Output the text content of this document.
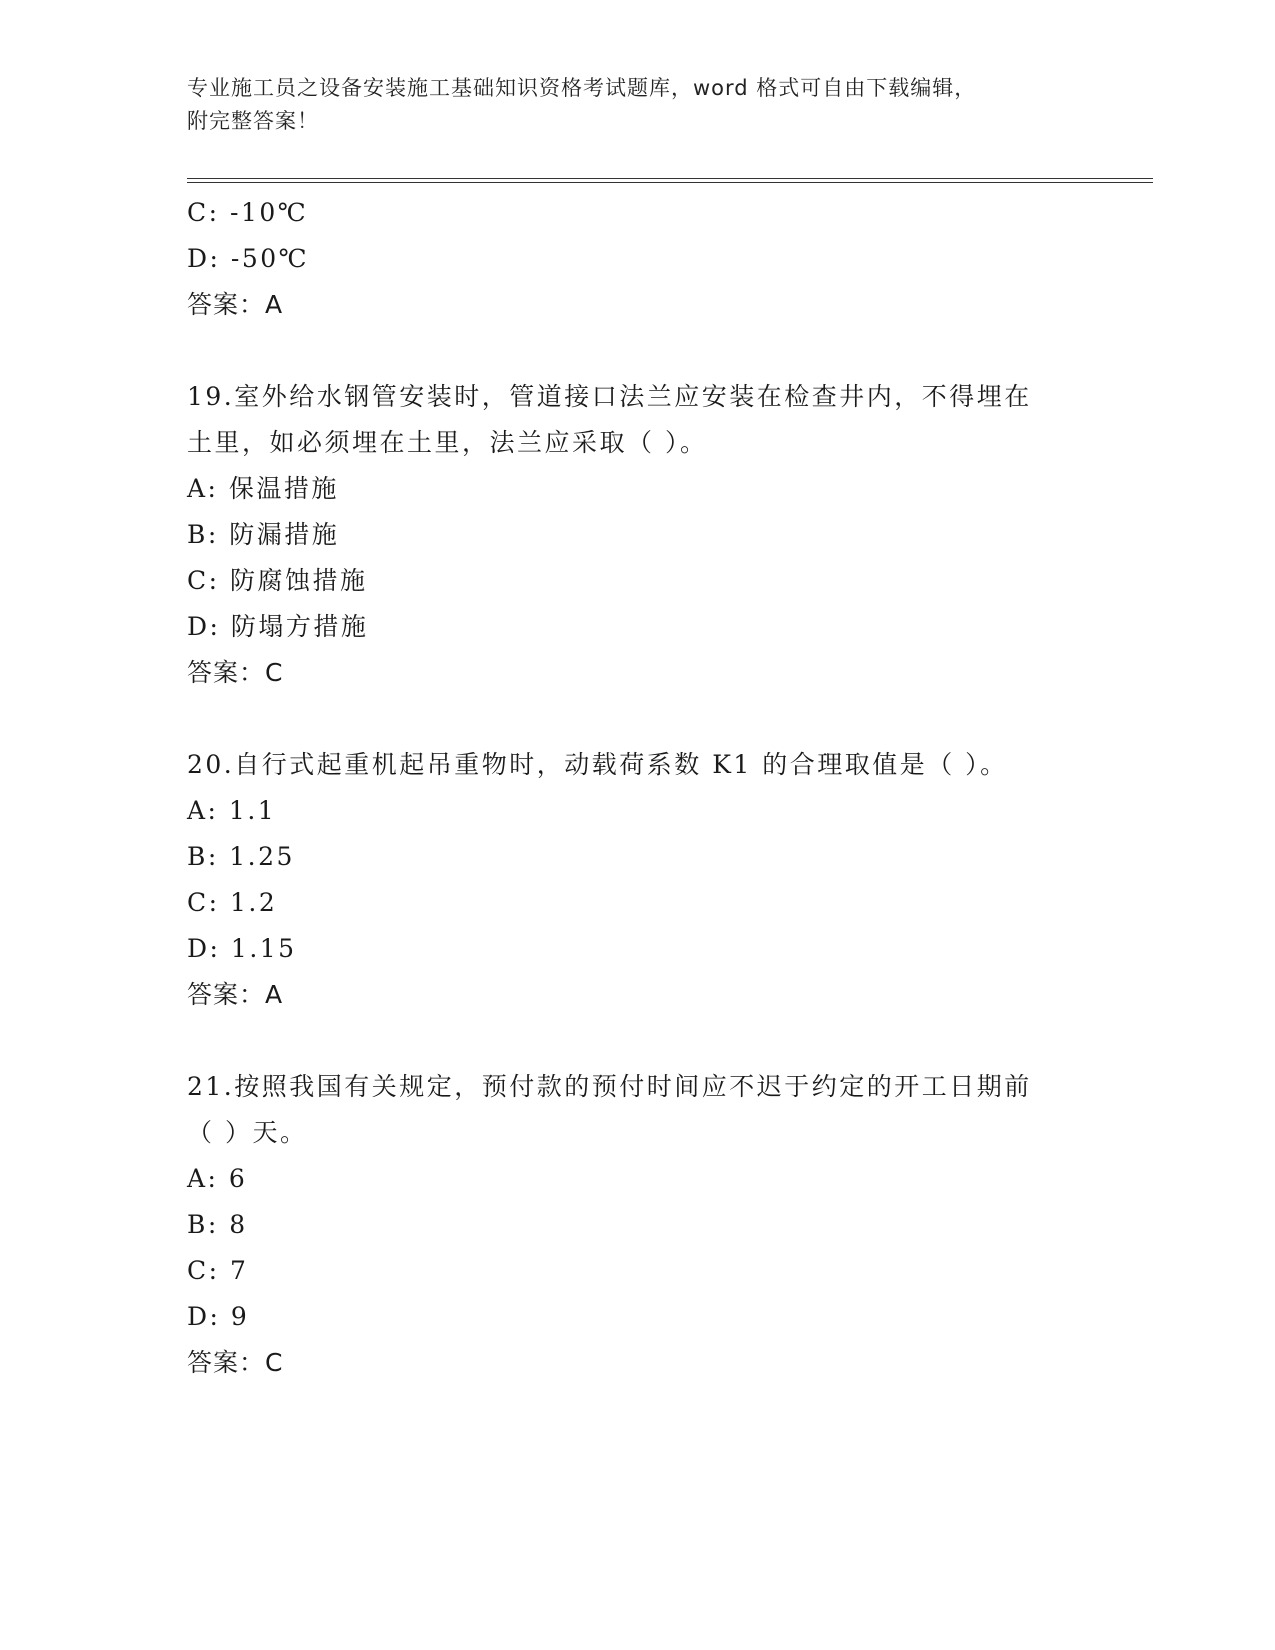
专业施工员之设备安装施工基础知识资格考试题库，word 格式可自由下载编辑，
附完整答案！
C: -10℃
D: -50℃
答案：A
19.室外给水钢管安装时，管道接口法兰应安装在检查井内，不得埋在
土里，如必须埋在土里，法兰应采取（ ）。
A: 保温措施
B: 防漏措施
C: 防腐蚀措施
D: 防塌方措施
答案：C
20.自行式起重机起吊重物时，动载荷系数 K1 的合理取值是（ ）。
A: 1.1
B: 1.25
C: 1.2
D: 1.15
答案：A
21.按照我国有关规定，预付款的预付时间应不迟于约定的开工日期前
（ ）天。
A: 6
B: 8
C: 7
D: 9
答案：C
